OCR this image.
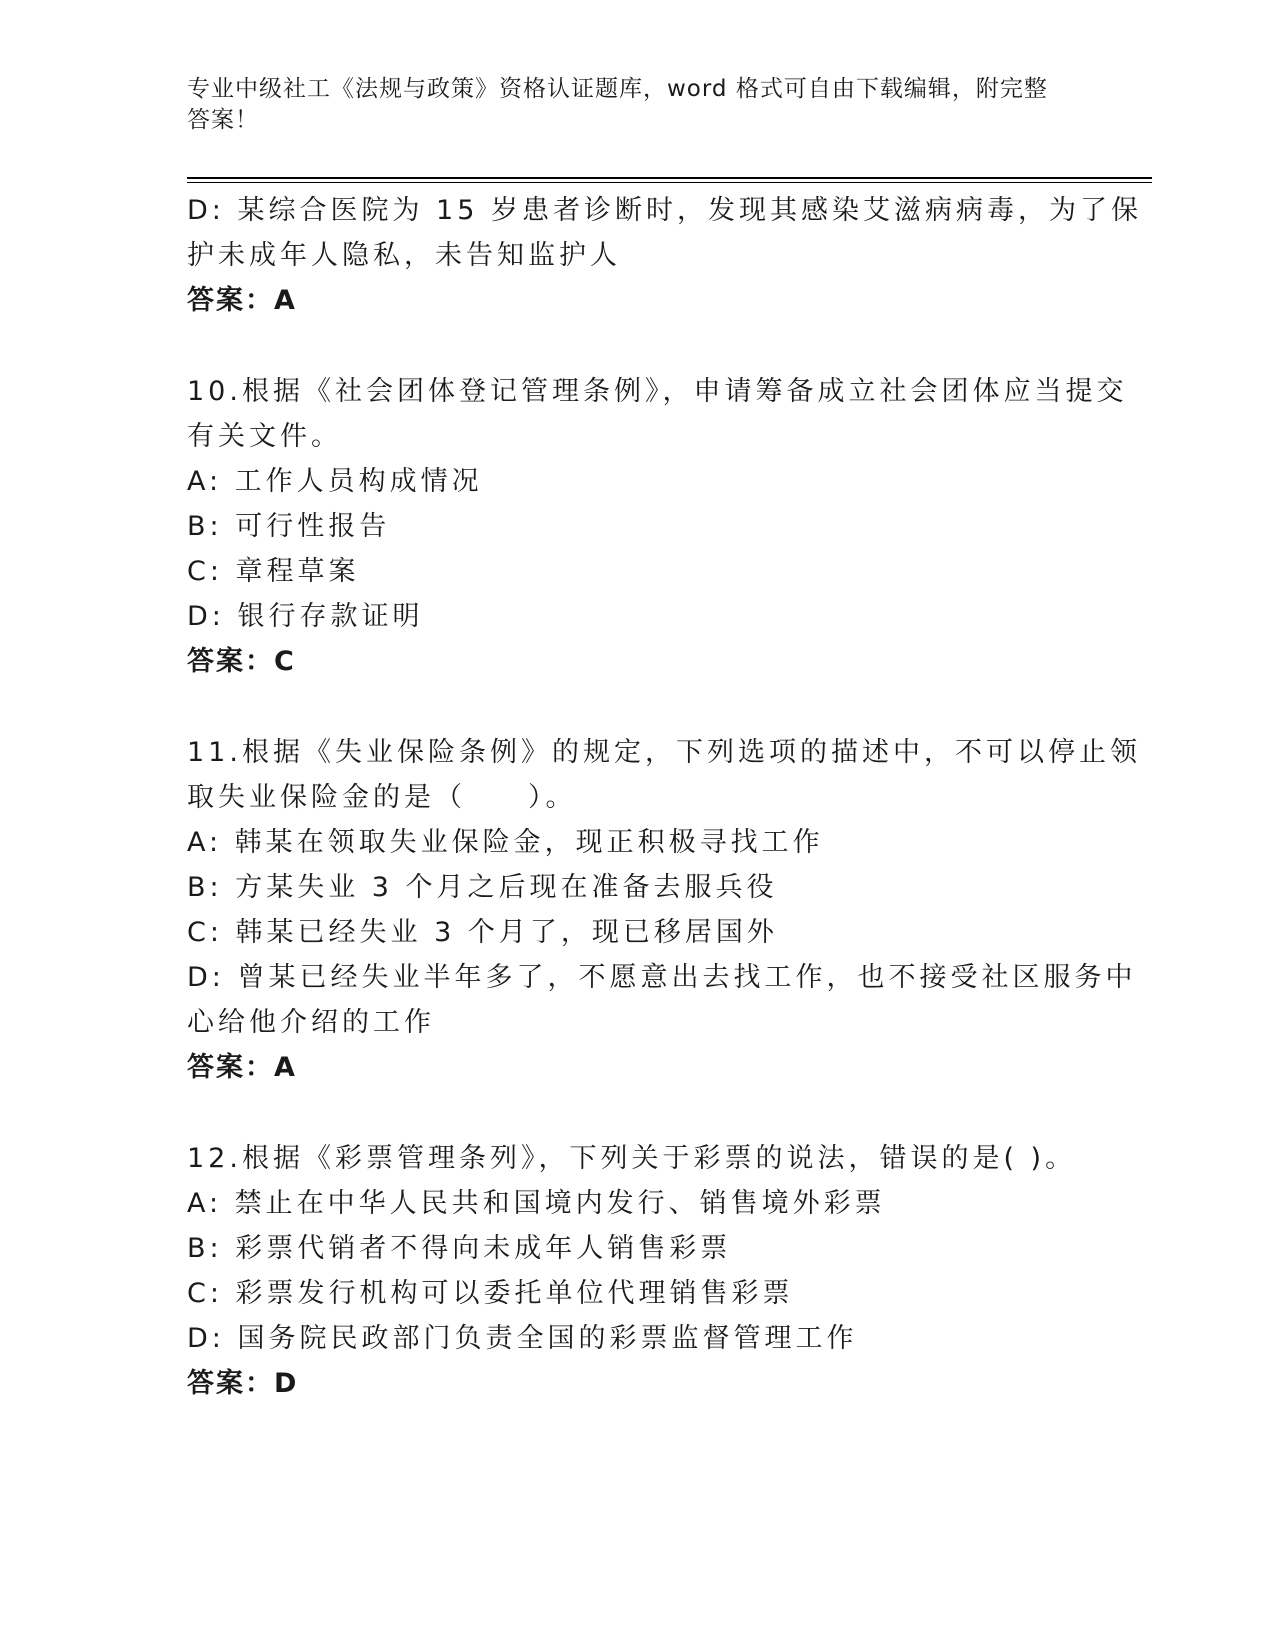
专业中级社工《法规与政策》资格认证题库，word 格式可自由下载编辑，附完整
答案！
D: 某综合医院为 15 岁患者诊断时，发现其感染艾滋病病毒，为了保
护未成年人隐私，未告知监护人
答案：A
10.根据《社会团体登记管理条例》，申请筹备成立社会团体应当提交
有关文件。
A: 工作人员构成情况
B: 可行性报告
C: 章程草案
D: 银行存款证明
答案：C
11.根据《失业保险条例》的规定，下列选项的描述中，不可以停止领
取失业保险金的是（　　）。
A: 韩某在领取失业保险金，现正积极寻找工作
B: 方某失业 3 个月之后现在准备去服兵役
C: 韩某已经失业 3 个月了，现已移居国外
D: 曾某已经失业半年多了，不愿意出去找工作，也不接受社区服务中
心给他介绍的工作
答案：A
12.根据《彩票管理条列》，下列关于彩票的说法，错误的是( )。
A: 禁止在中华人民共和国境内发行、销售境外彩票
B: 彩票代销者不得向未成年人销售彩票
C: 彩票发行机构可以委托单位代理销售彩票
D: 国务院民政部门负责全国的彩票监督管理工作
答案：D
